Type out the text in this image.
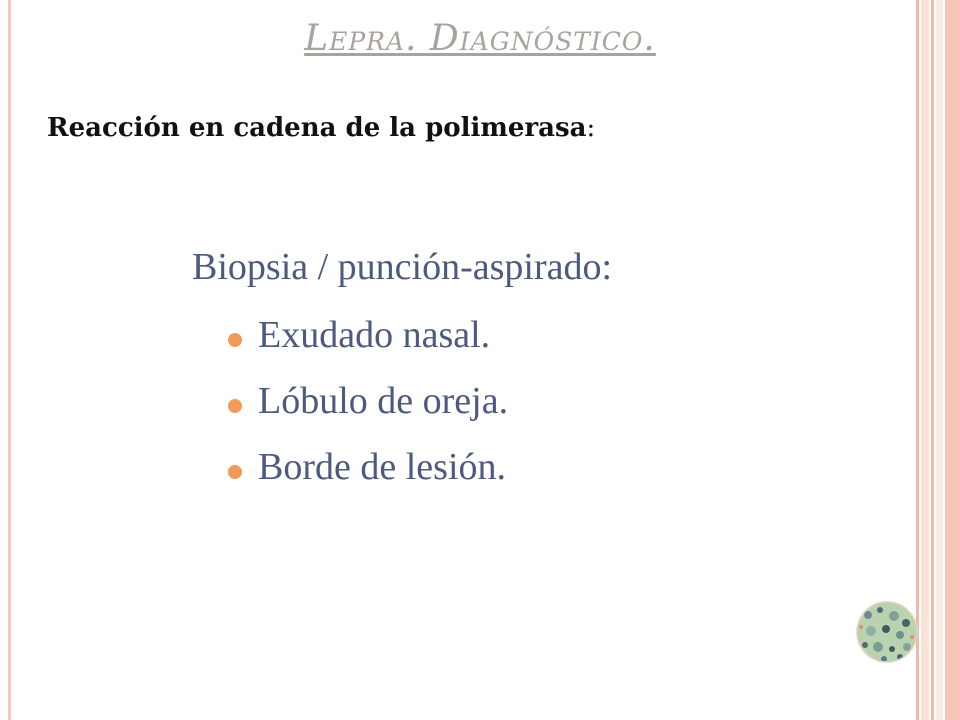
Lepra. Diagnóstico.
Reacción en cadena de la polimerasa:
Biopsia / punción-aspirado:
Exudado nasal.
Lóbulo de oreja.
Borde de lesión.
